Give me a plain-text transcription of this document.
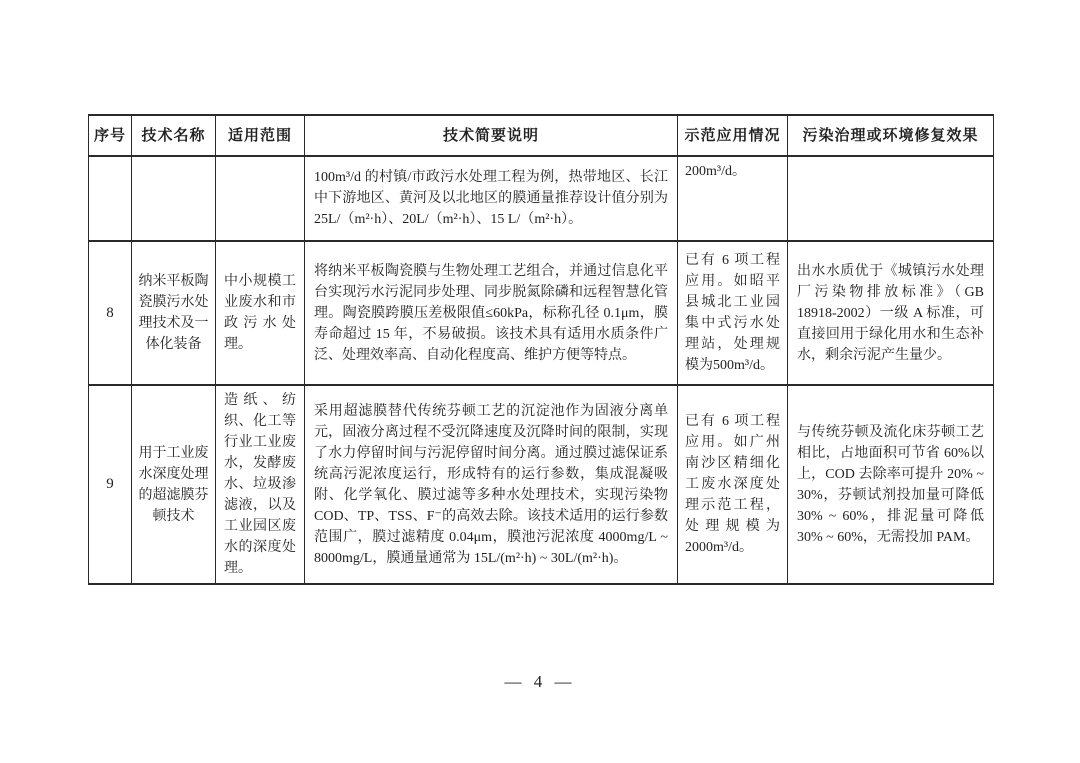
序号	技术名称	适用范围	技术简要说明	示范应用情况	污染治理或环境修复效果
			100m³/d 的村镇/市政污水处理工程为例，热带地区、长江中下游地区、黄河及以北地区的膜通量推荐设计值分别为 25L/（m²·h）、20L/（m²·h）、15 L/（m²·h）。	200m³/d。	
8	纳米平板陶瓷膜污水处理技术及一体化装备	中小规模工业废水和市政污水处理。	将纳米平板陶瓷膜与生物处理工艺组合，并通过信息化平台实现污水污泥同步处理、同步脱氮除磷和远程智慧化管理。陶瓷膜跨膜压差极限值≤60kPa，标称孔径 0.1μm，膜寿命超过 15 年，不易破损。该技术具有适用水质条件广泛、处理效率高、自动化程度高、维护方便等特点。	已有 6 项工程应用。如昭平县城北工业园集中式污水处理站，处理规模为500m³/d。	出水水质优于《城镇污水处理厂污染物排放标准》（GB 18918-2002）一级 A 标准，可直接回用于绿化用水和生态补水，剩余污泥产生量少。
9	用于工业废水深度处理的超滤膜芬顿技术	造纸、纺织、化工等行业工业废水，发酵废水、垃圾渗滤液，以及工业园区废水的深度处理。	采用超滤膜替代传统芬顿工艺的沉淀池作为固液分离单元，固液分离过程不受沉降速度及沉降时间的限制，实现了水力停留时间与污泥停留时间分离。通过膜过滤保证系统高污泥浓度运行，形成特有的运行参数，集成混凝吸附、化学氧化、膜过滤等多种水处理技术，实现污染物 COD、TP、TSS、F⁻的高效去除。该技术适用的运行参数范围广，膜过滤精度 0.04μm，膜池污泥浓度 4000mg/L ~ 8000mg/L，膜通量通常为 15L/(m²·h) ~ 30L/(m²·h)。	已有 6 项工程应用。如广州南沙区精细化工废水深度处理示范工程，处理规模为 2000m³/d。	与传统芬顿及流化床芬顿工艺相比，占地面积可节省 60%以上，COD 去除率可提升 20% ~ 30%，芬顿试剂投加量可降低 30% ~ 60%，排泥量可降低 30% ~ 60%，无需投加 PAM。
— 4 —
